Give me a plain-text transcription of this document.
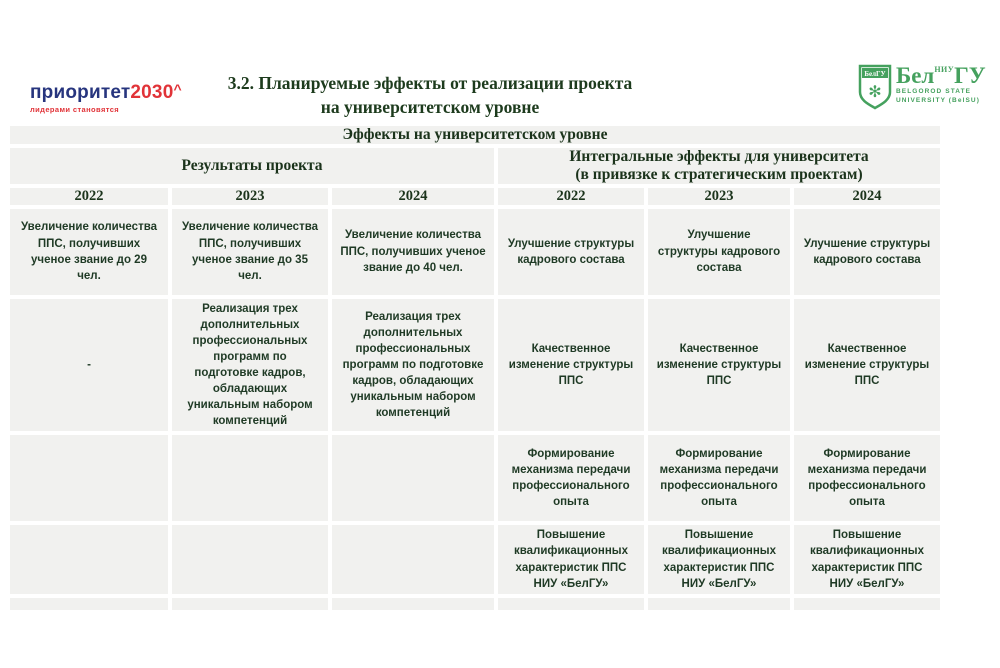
приоритет2030^
лидерами становятся
3.2. Планируемые эффекты от реализации проекта
на университетском уровне
БелГУ
✻
Бел$^{НИУ}$ГУ
BELGOROD STATE
UNIVERSITY (BelSU)
Эффекты на университетском уровне					
Результаты проекта			Интегральные эффекты для университета
(в привязке к стратегическим проектам)		

2022	2023	2024	2022	2023	2024
Увеличение количества ППС, получивших ученое звание до 29 чел.	Увеличение количества ППС, получивших ученое звание до 35 чел.	Увеличение количества ППС, получивших ученое звание до 40 чел.	Улучшение структуры кадрового состава	Улучшение структуры кадрового состава	Улучшение структуры кадрового состава
-	Реализация трех дополнительных профессиональных программ по подготовке кадров, обладающих уникальным набором компетенций	Реализация трех дополнительных профессиональных программ по подготовке кадров, обладающих уникальным набором компетенций	Качественное изменение структуры ППС	Качественное изменение структуры ППС	Качественное изменение структуры ППС
			Формирование механизма передачи профессионального опыта	Формирование механизма передачи профессионального опыта	Формирование механизма передачи профессионального опыта
			Повышение квалификационных характеристик ППС НИУ «БелГУ»	Повышение квалификационных характеристик ППС НИУ «БелГУ»	Повышение квалификационных характеристик ППС НИУ «БелГУ»
